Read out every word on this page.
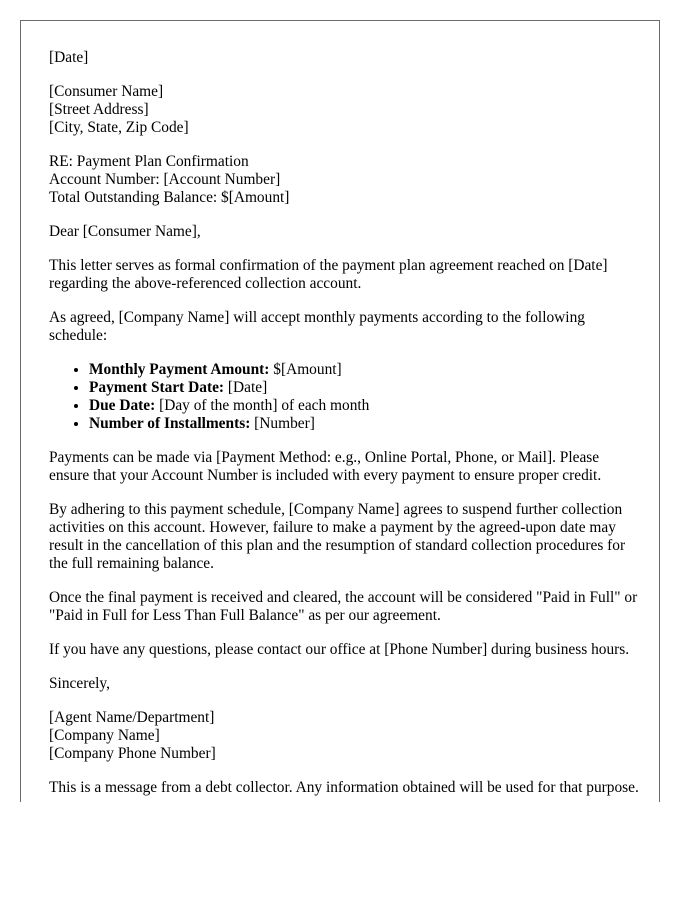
[Date]

[Consumer Name]
[Street Address]
[City, State, Zip Code]

RE: Payment Plan Confirmation
Account Number: [Account Number]
Total Outstanding Balance: $[Amount]

Dear [Consumer Name],

This letter serves as formal confirmation of the payment plan agreement reached on [Date] regarding the above-referenced collection account.

As agreed, [Company Name] will accept monthly payments according to the following schedule:

• Monthly Payment Amount: $[Amount]
• Payment Start Date: [Date]
• Due Date: [Day of the month] of each month
• Number of Installments: [Number]

Payments can be made via [Payment Method: e.g., Online Portal, Phone, or Mail]. Please ensure that your Account Number is included with every payment to ensure proper credit.

By adhering to this payment schedule, [Company Name] agrees to suspend further collection activities on this account. However, failure to make a payment by the agreed-upon date may result in the cancellation of this plan and the resumption of standard collection procedures for the full remaining balance.

Once the final payment is received and cleared, the account will be considered "Paid in Full" or "Paid in Full for Less Than Full Balance" as per our agreement.

If you have any questions, please contact our office at [Phone Number] during business hours.

Sincerely,

[Agent Name/Department]
[Company Name]
[Company Phone Number]

This is a message from a debt collector. Any information obtained will be used for that purpose.
